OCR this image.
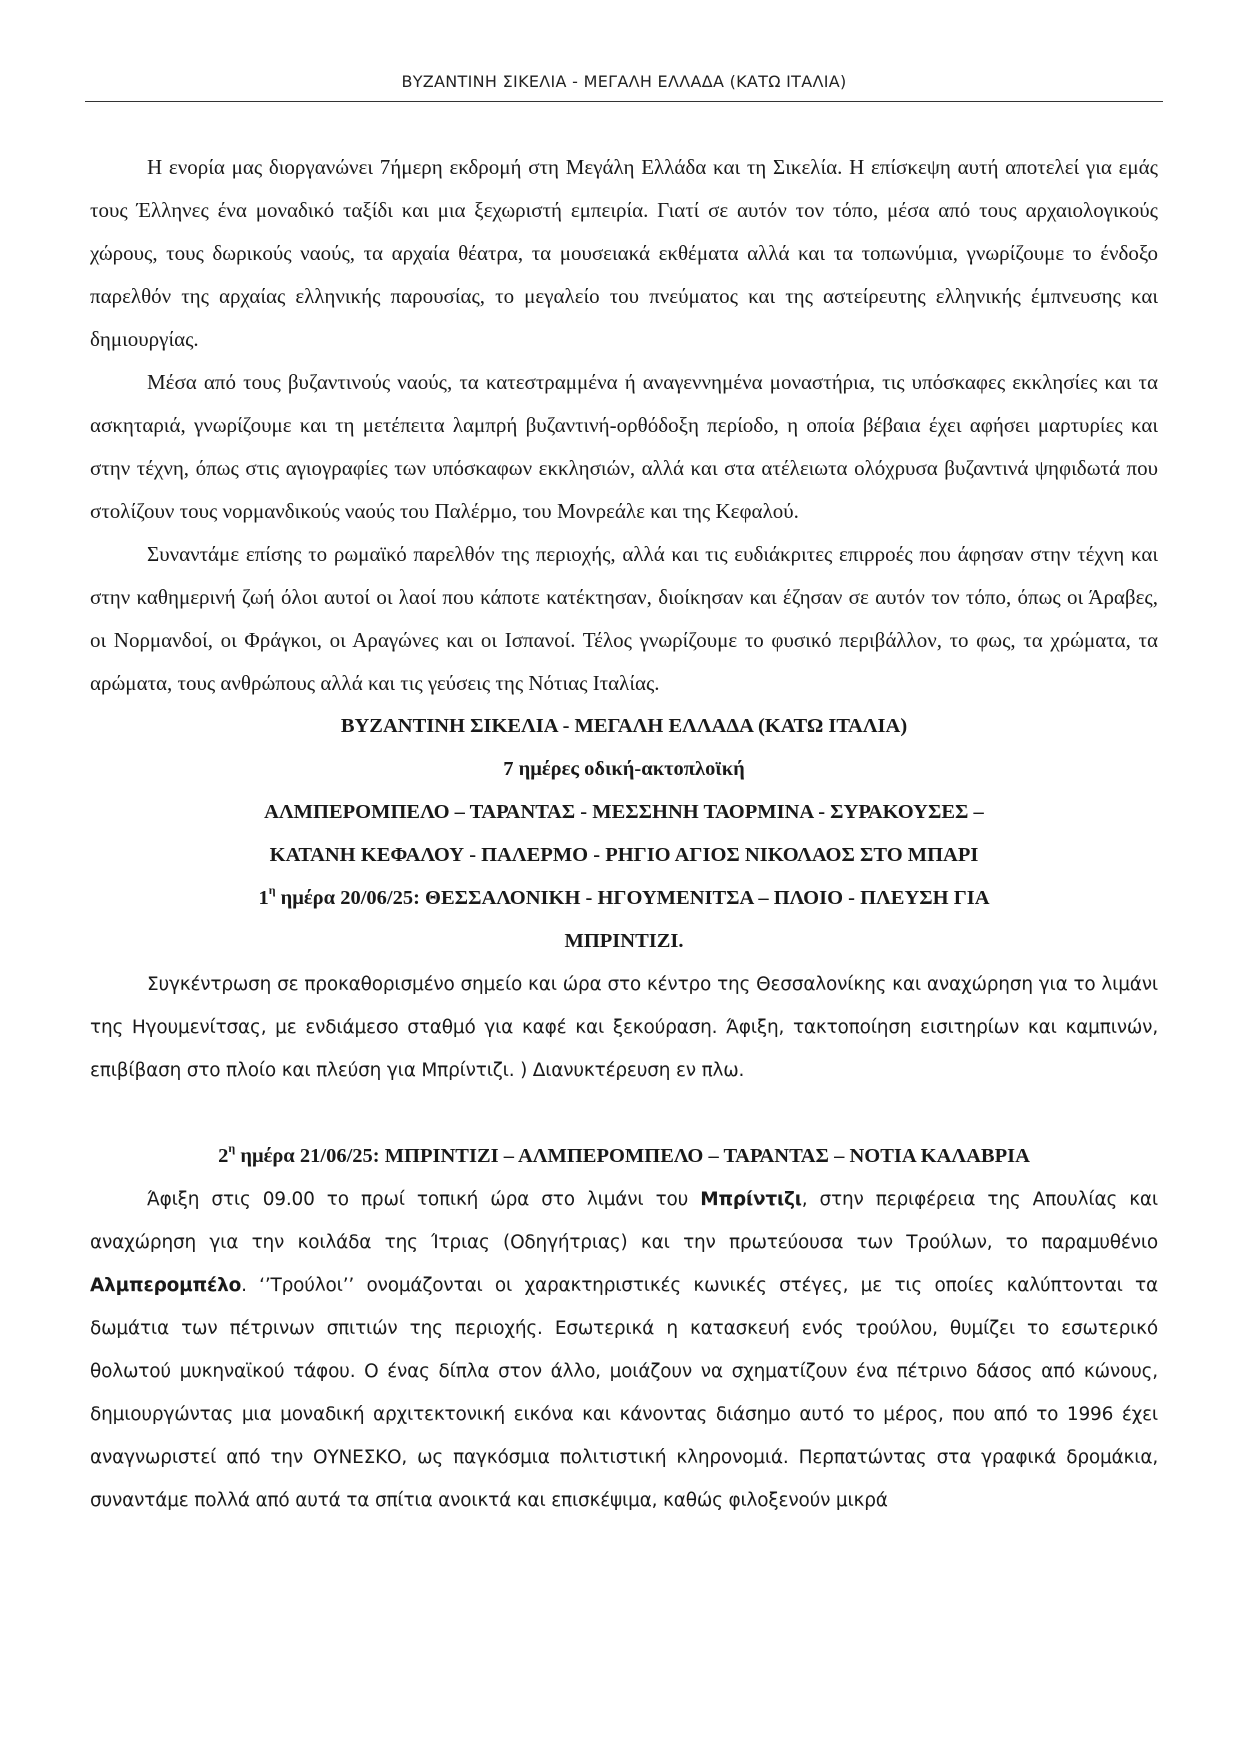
ΒΥΖΑΝΤΙΝΗ ΣΙΚΕΛΙΑ - ΜΕΓΑΛΗ ΕΛΛΑΔΑ (ΚΑΤΩ ΙΤΑΛΙΑ)

Η ενορία μας διοργανώνει 7ήμερη εκδρομή στη Μεγάλη Ελλάδα και τη Σικελία. Η επίσκεψη αυτή αποτελεί για εμάς τους Έλληνες ένα μοναδικό ταξίδι και μια ξεχωριστή εμπειρία. Γιατί σε αυτόν τον τόπο, μέσα από τους αρχαιολογικούς χώρους, τους δωρικούς ναούς, τα αρχαία θέατρα, τα μουσειακά εκθέματα αλλά και τα τοπωνύμια, γνωρίζουμε το ένδοξο παρελθόν της αρχαίας ελληνικής παρουσίας, το μεγαλείο του πνεύματος και της αστείρευτης ελληνικής έμπνευσης και δημιουργίας.

Μέσα από τους βυζαντινούς ναούς, τα κατεστραμμένα ή αναγεννημένα μοναστήρια, τις υπόσκαφες εκκλησίες και τα ασκηταριά, γνωρίζουμε και τη μετέπειτα λαμπρή βυζαντινή-ορθόδοξη περίοδο, η οποία βέβαια έχει αφήσει μαρτυρίες και στην τέχνη, όπως στις αγιογραφίες των υπόσκαφων εκκλησιών, αλλά και στα ατέλειωτα ολόχρυσα βυζαντινά ψηφιδωτά που στολίζουν τους νορμανδικούς ναούς του Παλέρμο, του Μονρεάλε και της Κεφαλού.

Συναντάμε επίσης το ρωμαϊκό παρελθόν της περιοχής, αλλά και τις ευδιάκριτες επιρροές που άφησαν στην τέχνη και στην καθημερινή ζωή όλοι αυτοί οι λαοί που κάποτε κατέκτησαν, διοίκησαν και έζησαν σε αυτόν τον τόπο, όπως οι Άραβες, οι Νορμανδοί, οι Φράγκοι, οι Αραγώνες και οι Ισπανοί. Τέλος γνωρίζουμε το φυσικό περιβάλλον, το φως, τα χρώματα, τα αρώματα, τους ανθρώπους αλλά και τις γεύσεις της Νότιας Ιταλίας.

ΒΥΖΑΝΤΙΝΗ ΣΙΚΕΛΙΑ - ΜΕΓΑΛΗ ΕΛΛΑΔΑ (ΚΑΤΩ ΙΤΑΛΙΑ)

7 ημέρες οδική-ακτοπλοϊκή

ΑΛΜΠΕΡΟΜΠΕΛΟ – ΤΑΡΑΝΤΑΣ - ΜΕΣΣΗΝΗ ΤΑΟΡΜΙΝΑ - ΣΥΡΑΚΟΥΣΕΣ –

ΚΑΤΑΝΗ ΚΕΦΑΛΟΥ - ΠΑΛΕΡΜΟ - ΡΗΓΙΟ ΑΓΙΟΣ ΝΙΚΟΛΑΟΣ ΣΤΟ ΜΠΑΡΙ

$1^\eta$ ημέρα 20/06/25: ΘΕΣΣΑΛΟΝΙΚΗ - ΗΓΟΥΜΕΝΙΤΣΑ – ΠΛΟΙΟ - ΠΛΕΥΣΗ ΓΙΑ

ΜΠΡΙΝΤΙΖΙ.

Συγκέντρωση σε προκαθορισμένο σημείο και ώρα στο κέντρο της Θεσσαλονίκης και αναχώρηση για το λιμάνι της Ηγουμενίτσας, με ενδιάμεσο σταθμό για καφέ και ξεκούραση. Άφιξη, τακτοποίηση εισιτηρίων και καμπινών, επιβίβαση στο πλοίο και πλεύση για Μπρίντιζι. ) Διανυκτέρευση εν πλω.

$2^\eta$ ημέρα 21/06/25: ΜΠΡΙΝΤΙΖΙ – ΑΛΜΠΕΡΟΜΠΕΛΟ – ΤΑΡΑΝΤΑΣ – ΝΟΤΙΑ ΚΑΛΑΒΡΙΑ

Άφιξη στις 09.00 το πρωί τοπική ώρα στο λιμάνι του Μπρίντιζι, στην περιφέρεια της Απουλίας και αναχώρηση για την κοιλάδα της Ίτριας (Οδηγήτριας) και την πρωτεύουσα των Τρούλων, το παραμυθένιο Αλμπερομπέλο. ‘’Τρούλοι’’ ονομάζονται οι χαρακτηριστικές κωνικές στέγες, με τις οποίες καλύπτονται τα δωμάτια των πέτρινων σπιτιών της περιοχής. Εσωτερικά η κατασκευή ενός τρούλου, θυμίζει το εσωτερικό θολωτού μυκηναϊκού τάφου. Ο ένας δίπλα στον άλλο, μοιάζουν να σχηματίζουν ένα πέτρινο δάσος από κώνους, δημιουργώντας μια μοναδική αρχιτεκτονική εικόνα και κάνοντας διάσημο αυτό το μέρος, που από το 1996 έχει αναγνωριστεί από την ΟΥΝΕΣΚΟ, ως παγκόσμια πολιτιστική κληρονομιά. Περπατώντας στα γραφικά δρομάκια, συναντάμε πολλά από αυτά τα σπίτια ανοικτά και επισκέψιμα, καθώς φιλοξενούν μικρά
